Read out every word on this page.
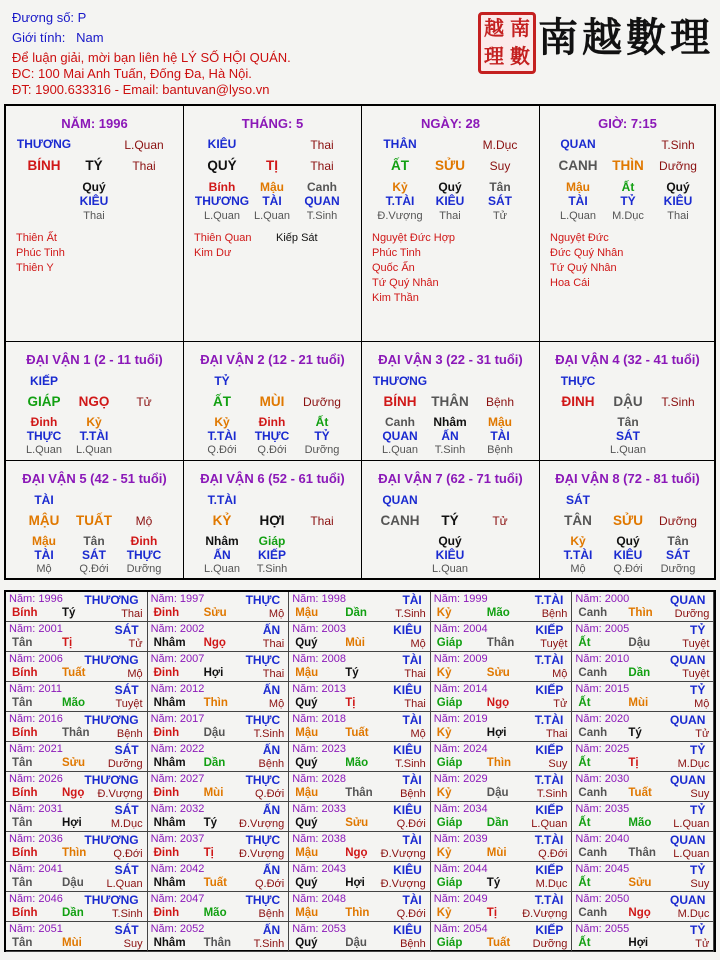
Đương số: P
Giới tính: Nam
Để luận giải, mời bạn liên hệ LÝ SỐ HỘI QUÁN.
ĐC: 100 Mai Anh Tuấn, Đống Đa, Hà Nội.
ĐT: 1900.633316 - Email: bantuvan@lyso.vn
越 南
理 數 南越數理
NĂM: 1996
THƯƠNG	L.Quan
BÍNH TÝ Thai
Quý
KIÊU
Thai
Thiên Ất
Phúc Tinh
Thiên Y
THÁNG: 5
KIÊU	Thai
QUÝ TỊ	Thai
Bính
THƯƠNG
L.Quan
Mậu
TÀI
L.Quan
Canh
QUAN
T.Sinh
Thiên Quan
Kim Dư
Kiếp Sát
NGÀY: 28
THÂN	M.Dục
ẤT SỬU Suy
Kỷ
T.TÀI
Đ.Vượng
Quý
KIÊU
Thai
Tân
SÁT
Tử
Nguyệt Đức Hợp
Phúc Tinh
Quốc Ấn
Tứ Quý Nhân
Kim Thần
GIỜ: 7:15
QUAN	T.Sinh
CANH THÌN Dưỡng
Mậu
TÀI
L.Quan
Ất
TỶ
M.Dục
Quý
KIÊU
Thai
Nguyệt Đức
Đức Quý Nhân
Tứ Quý Nhân
Hoa Cái
ĐẠI VẬN 1 (2 - 11 tuổi)
KIẾP
GIÁP NGỌ Tử
Đinh
THỰC
L.Quan
Kỷ
T.TÀI
L.Quan
ĐẠI VẬN 2 (12 - 21 tuổi)
TỶ
ẤT MÙI Dưỡng
Kỷ
T.TÀI
Q.Đới
Đinh
THỰC
Q.Đới
Ất
TỶ
Dưỡng
ĐẠI VẬN 3 (22 - 31 tuổi)
THƯƠNG
BÍNH THÂN Bệnh
Canh
QUAN
L.Quan
Nhâm
ẤN
T.Sinh
Mậu
TÀI
Bệnh
ĐẠI VẬN 4 (32 - 41 tuổi)
THỰC
ĐINH DẬU T.Sinh
Tân
SÁT
L.Quan
ĐẠI VẬN 5 (42 - 51 tuổi)
TÀI
MẬU TUẤT Mộ
Mậu
TÀI
Mộ
Tân
SÁT
Q.Đới
Đinh
THỰC
Dưỡng
ĐẠI VẬN 6 (52 - 61 tuổi)
T.TÀI
KỶ HỢI Thai
Nhâm
ẤN
L.Quan
Giáp
KIẾP
T.Sinh
ĐẠI VẬN 7 (62 - 71 tuổi)
QUAN
CANH TÝ	Tử
Quý
KIÊU
L.Quan
ĐẠI VẬN 8 (72 - 81 tuổi)
SÁT
TÂN SỬU Dưỡng
Kỷ
T.TÀI
Mộ
Quý
KIÊU
Q.Đới
Tân
SÁT
Dưỡng
Năm: 1996 THƯƠNG
Bính Tý	Thai
Năm: 1997	THỰC
Đinh Sửu	Mộ
Năm: 1998	TÀI
Mậu Dần	T.Sinh
Năm: 1999	T.TÀI
Kỷ	Mão	Bệnh
Năm: 2000	QUAN
Canh Thìn Dưỡng
Năm: 2001	SÁT
Tân	Tị	Tử
Năm: 2002	ẤN
Nhâm Ngọ	Thai
Năm: 2003	KIÊU
Quý Mùi	Mộ
Năm: 2004	KIẾP
Giáp Thân Tuyệt
Năm: 2005	TỶ
Ất	Dậu	Tuyệt
Năm: 2006 THƯƠNG
Bính Tuất	Mộ
Năm: 2007	THỰC
Đinh Hợi	Thai
Năm: 2008	TÀI
Mậu Tý	Thai
Năm: 2009	T.TÀI
Kỷ	Sửu	Mộ
Năm: 2010	QUAN
Canh Dần	Tuyệt
Năm: 2011	SÁT
Tân	Mão	Tuyệt
Năm: 2012	ẤN
Nhâm Thìn	Mộ
Năm: 2013	KIÊU
Quý Tị	Thai
Năm: 2014	KIẾP
Giáp Ngọ	Tử
Năm: 2015	TỶ
Ất	Mùi	Mộ
Năm: 2016 THƯƠNG
Bính Thân Bệnh
Năm: 2017	THỰC
Đinh Dậu	T.Sinh
Năm: 2018	TÀI
Mậu Tuất	Mộ
Năm: 2019	T.TÀI
Kỷ	Hợi	Thai
Năm: 2020	QUAN
Canh Tý	Tử
Năm: 2021	SÁT
Tân	Sửu Dưỡng
Năm: 2022	ẤN
Nhâm Dần	Bệnh
Năm: 2023	KIÊU
Quý Mão T.Sinh
Năm: 2024	KIẾP
Giáp Thìn	Suy
Năm: 2025	TỶ
Ất	Tị	M.Dục
Năm: 2026 THƯƠNG
Bính Ngọ Đ.Vượng
Năm: 2027	THỰC
Đinh Mùi	Q.Đới
Năm: 2028	TÀI
Mậu Thân Bệnh
Năm: 2029	T.TÀI
Kỷ	Dậu	T.Sinh
Năm: 2030	QUAN
Canh Tuất	Suy
Năm: 2031	SÁT
Tân	Hợi	M.Dục
Năm: 2032	ẤN
Nhâm Tý Đ.Vượng
Năm: 2033	KIÊU
Quý Sửu	Q.Đới
Năm: 2034	KIẾP
Giáp Dần L.Quan
Năm: 2035	TỶ
Ất	Mão L.Quan
Năm: 2036 THƯƠNG
Bính Thìn Q.Đới
Năm: 2037	THỰC
Đinh Tị Đ.Vượng
Năm: 2038	TÀI
Mậu Ngọ Đ.Vượng
Năm: 2039	T.TÀI
Kỷ	Mùi	Q.Đới
Năm: 2040	QUAN
Canh Thân L.Quan
Năm: 2041	SÁT
Tân	Dậu L.Quan
Năm: 2042	ẤN
Nhâm Tuất	Q.Đới
Năm: 2043	KIÊU
Quý Hợi Đ.Vượng
Năm: 2044	KIẾP
Giáp Tý	M.Dục
Năm: 2045	TỶ
Ất	Sửu	Suy
Năm: 2046 THƯƠNG
Bính Dần	T.Sinh
Năm: 2047	THỰC
Đinh Mão	Bệnh
Năm: 2048	TÀI
Mậu Thìn Q.Đới
Năm: 2049	T.TÀI
Kỷ	Tị Đ.Vượng
Năm: 2050	QUAN
Canh Ngọ M.Dục
Năm: 2051	SÁT
Tân	Mùi	Suy
Năm: 2052	ẤN
Nhâm Thân T.Sinh
Năm: 2053	KIÊU
Quý Dậu	Bệnh
Năm: 2054	KIẾP
Giáp Tuất Dưỡng
Năm: 2055	TỶ
Ất	Hợi	Tử
